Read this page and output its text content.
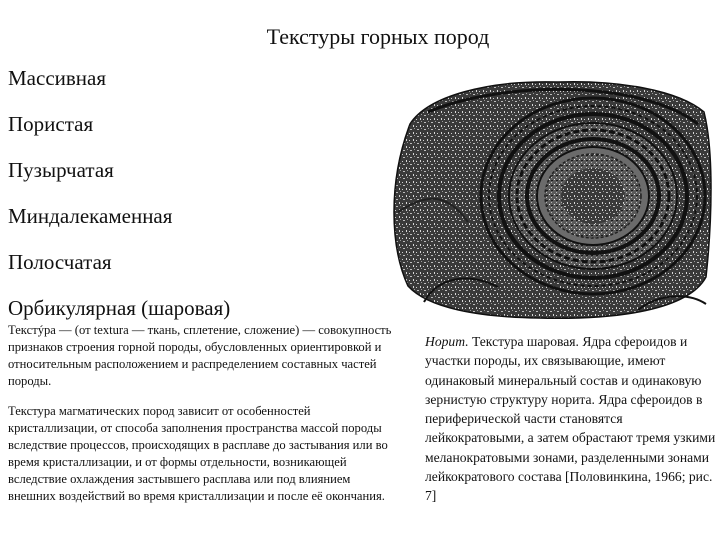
Текстуры горных пород
Массивная
Пористая
Пузырчатая
Миндалекаменная
Полосчатая
Орбикулярная (шаровая)

Текстýра — (от textura — ткань, сплетение, сложение) — совокупность признаков строения горной породы, обусловленных ориентировкой и относительным расположением и распределением составных частей породы.

Текстура магматических пород зависит от особенностей кристаллизации, от способа заполнения пространства массой породы вследствие процессов, происходящих в расплаве до застывания или во время кристаллизации, и от формы отдельности, возникающей вследствие охлаждения застывшего расплава или под влиянием внешних воздействий во время кристаллизации и после её окончания.

Норит. Текстура шаровая. Ядра сфероидов и участки породы, их связывающие, имеют одинаковый минеральный состав и одинаковую зернистую структуру норита. Ядра сфероидов в периферической части становятся лейкократовыми, а затем обрастают тремя узкими меланократовыми зонами, разделенными зонами лейкократового состава [Половинкина, 1966; рис. 7]
